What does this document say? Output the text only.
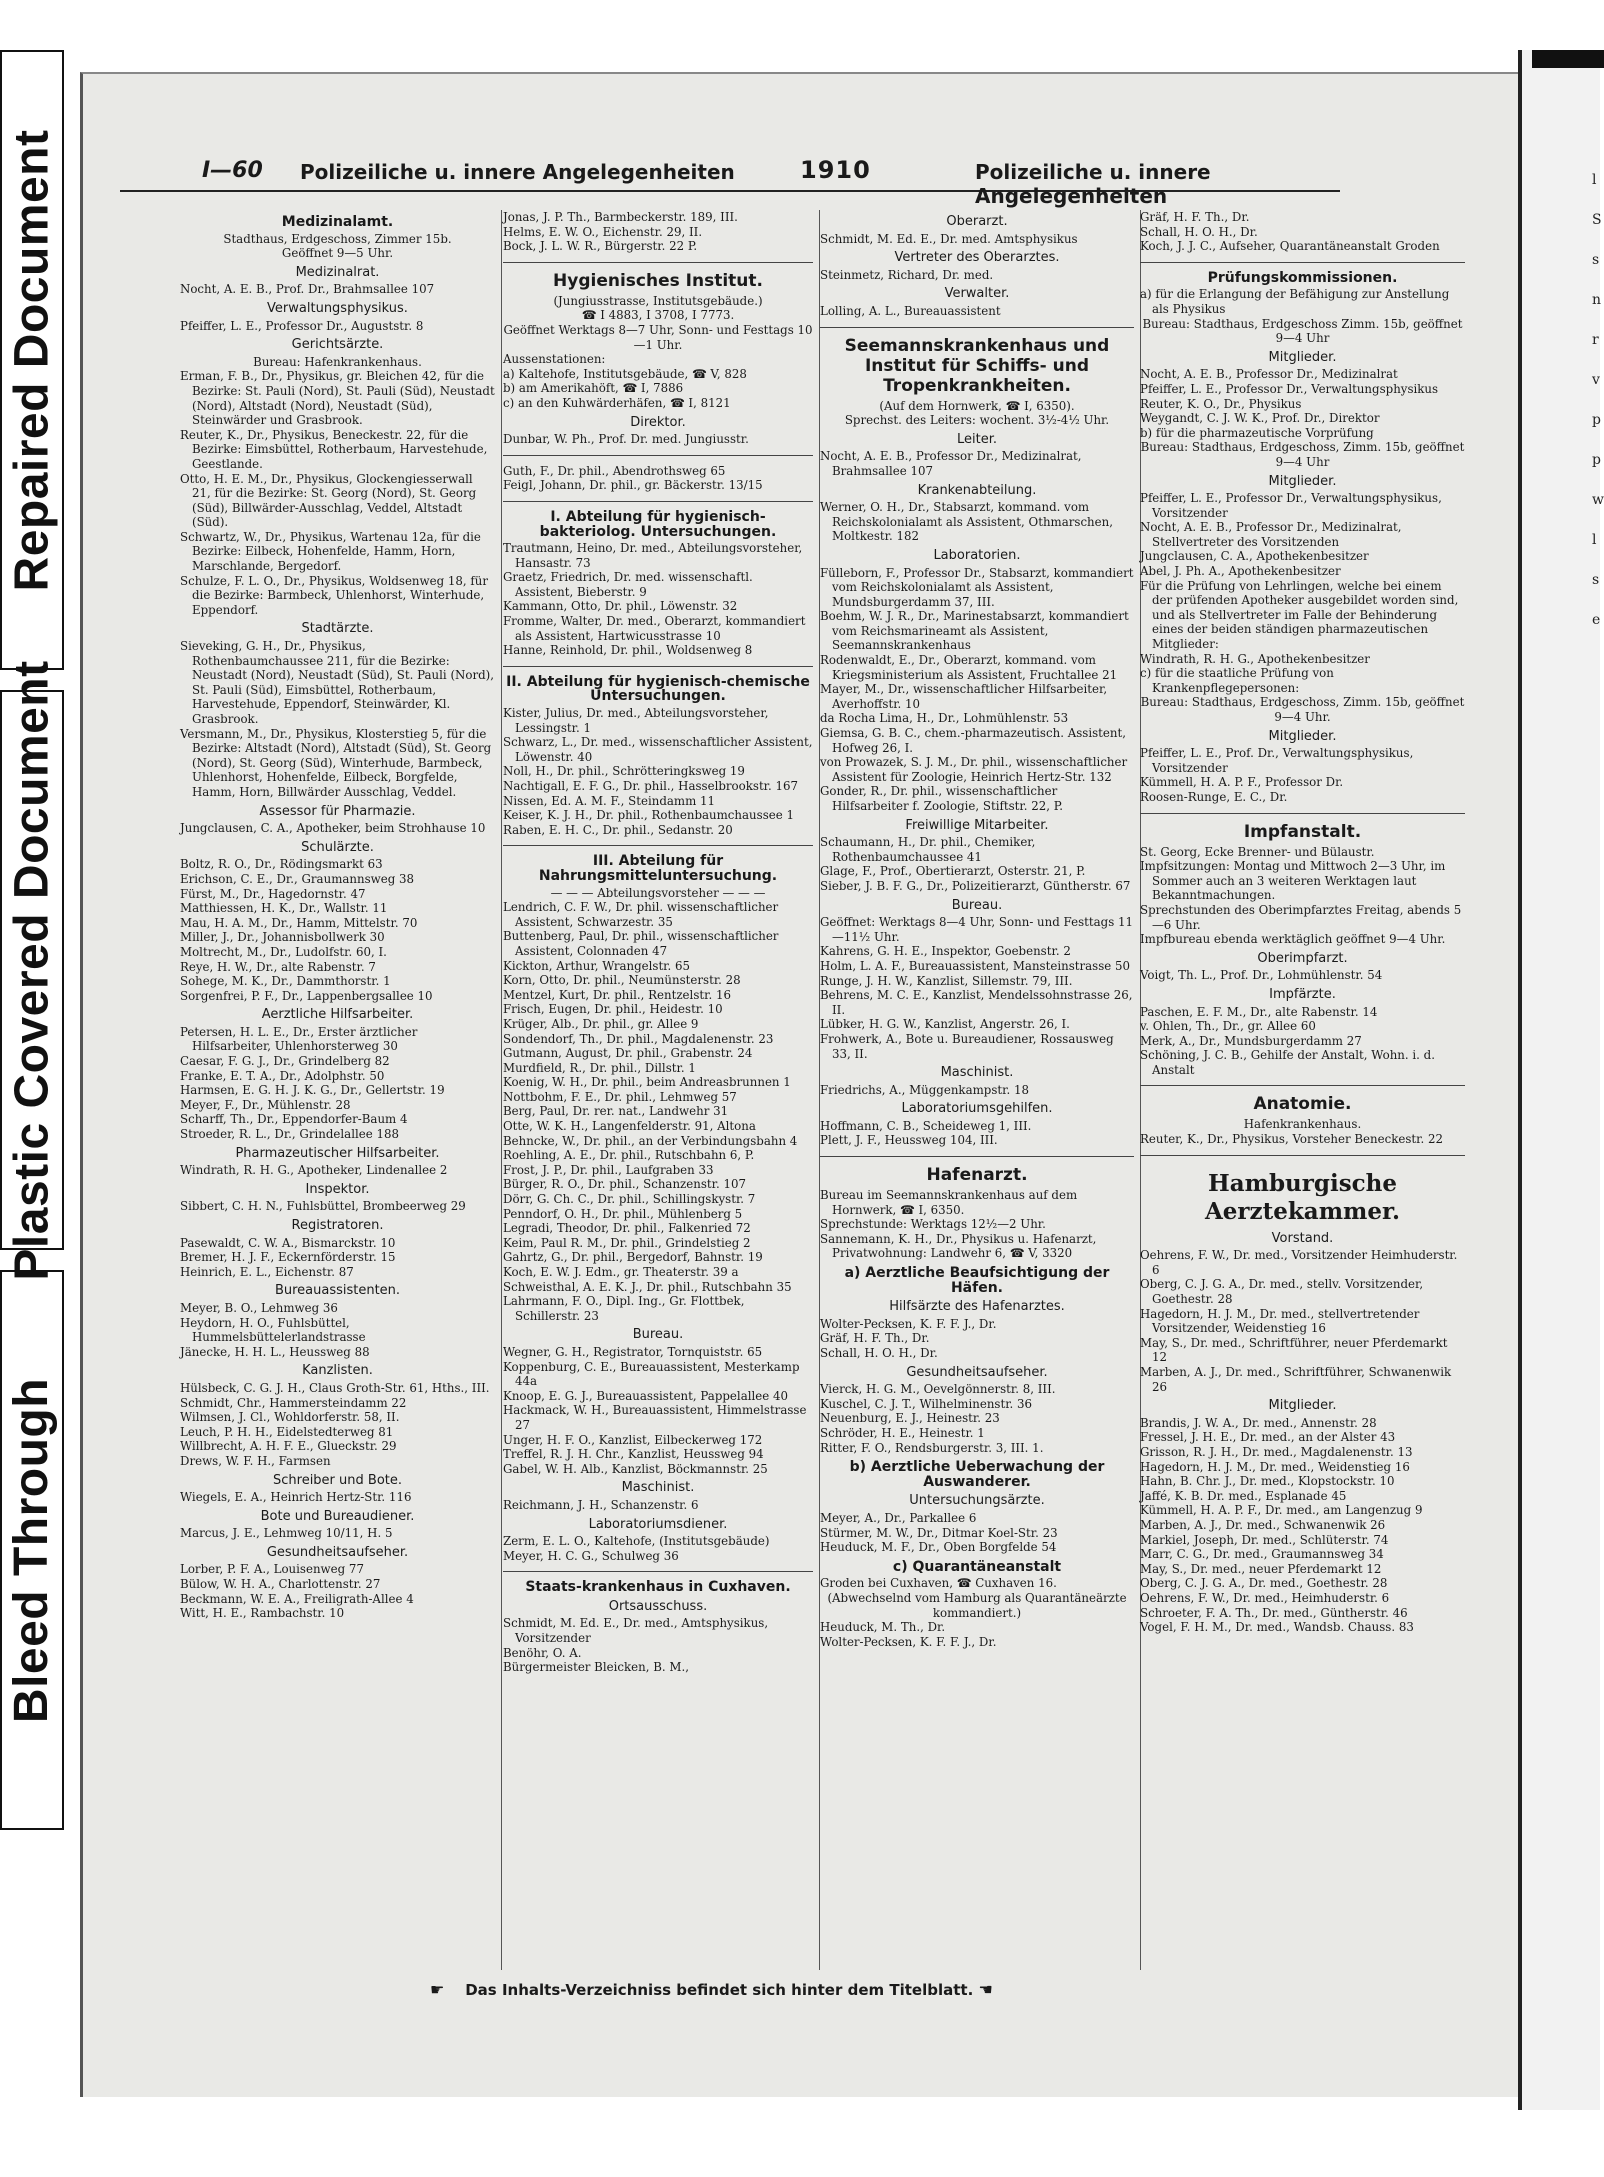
Repaired Document
Plastic Covered Document
Bleed Through
l
S
s
n
r
v
p
p
w
l
s
e
I—60 Polizeiliche u. innere Angelegenheiten	1910	Polizeiliche u. innere Angelegenheiten
Medizinalamt.
Stadthaus, Erdgeschoss, Zimmer 15b.
Geöffnet 9—5 Uhr.
Medizinalrat.
Nocht, A. E. B., Prof. Dr., Brahmsallee 107
Verwaltungsphysikus.
Pfeiffer, L. E., Professor Dr., Auguststr. 8
Gerichtsärzte.
Bureau: Hafenkrankenhaus.
Erman, F. B., Dr., Physikus, gr. Bleichen 42, für die Bezirke: St. Pauli (Nord), St. Pauli (Süd), Neustadt (Nord), Altstadt (Nord), Neustadt (Süd), Steinwärder und Grasbrook.
Reuter, K., Dr., Physikus, Beneckestr. 22, für die Bezirke: Eimsbüttel, Rotherbaum, Harvestehude, Geestlande.
Otto, H. E. M., Dr., Physikus, Glockengiesserwall 21, für die Bezirke: St. Georg (Nord), St. Georg (Süd), Billwärder-Ausschlag, Veddel, Altstadt (Süd).
Schwartz, W., Dr., Physikus, Wartenau 12a, für die Bezirke: Eilbeck, Hohenfelde, Hamm, Horn, Marschlande, Bergedorf.
Schulze, F. L. O., Dr., Physikus, Woldsenweg 18, für die Bezirke: Barmbeck, Uhlenhorst, Winterhude, Eppendorf.
Stadtärzte.
Sieveking, G. H., Dr., Physikus, Rothenbaumchaussee 211, für die Bezirke: Neustadt (Nord), Neustadt (Süd), St. Pauli (Nord), St. Pauli (Süd), Eimsbüttel, Rotherbaum, Harvestehude, Eppendorf, Steinwärder, Kl. Grasbrook.
Versmann, M., Dr., Physikus, Klosterstieg 5, für die Bezirke: Altstadt (Nord), Altstadt (Süd), St. Georg (Nord), St. Georg (Süd), Winterhude, Barmbeck, Uhlenhorst, Hohenfelde, Eilbeck, Borgfelde, Hamm, Horn, Billwärder Ausschlag, Veddel.
Assessor für Pharmazie.
Jungclausen, C. A., Apotheker, beim Strohhause 10
Schulärzte.
Boltz, R. O., Dr., Rödingsmarkt 63
Erichson, C. E., Dr., Graumannsweg 38
Fürst, M., Dr., Hagedornstr. 47
Matthiessen, H. K., Dr., Wallstr. 11
Mau, H. A. M., Dr., Hamm, Mittelstr. 70
Miller, J., Dr., Johannisbollwerk 30
Moltrecht, M., Dr., Ludolfstr. 60, I.
Reye, H. W., Dr., alte Rabenstr. 7
Sohege, M. K., Dr., Dammthorstr. 1
Sorgenfrei, P. F., Dr., Lappenbergsallee 10
Aerztliche Hilfsarbeiter.
Petersen, H. L. E., Dr., Erster ärztlicher Hilfsarbeiter, Uhlenhorsterweg 30
Caesar, F. G. J., Dr., Grindelberg 82
Franke, E. T. A., Dr., Adolphstr. 50
Harmsen, E. G. H. J. K. G., Dr., Gellertstr. 19
Meyer, F., Dr., Mühlenstr. 28
Scharff, Th., Dr., Eppendorfer-Baum 4
Stroeder, R. L., Dr., Grindelallee 188
Pharmazeutischer Hilfsarbeiter.
Windrath, R. H. G., Apotheker, Lindenallee 2
Inspektor.
Sibbert, C. H. N., Fuhlsbüttel, Brombeerweg 29
Registratoren.
Pasewaldt, C. W. A., Bismarckstr. 10
Bremer, H. J. F., Eckernförderstr. 15
Heinrich, E. L., Eichenstr. 87
Bureauassistenten.
Meyer, B. O., Lehmweg 36
Heydorn, H. O., Fuhlsbüttel, Hummelsbüttelerlandstrasse
Jänecke, H. H. L., Heussweg 88
Kanzlisten.
Hülsbeck, C. G. J. H., Claus Groth-Str. 61, Hths., III.
Schmidt, Chr., Hammersteindamm 22
Wilmsen, J. Cl., Wohldorferstr. 58, II.
Leuch, P. H. H., Eidelstedterweg 81
Willbrecht, A. H. F. E., Glueckstr. 29
Drews, W. F. H., Farmsen
Schreiber und Bote.
Wiegels, E. A., Heinrich Hertz-Str. 116
Bote und Bureaudiener.
Marcus, J. E., Lehmweg 10/11, H. 5
Gesundheitsaufseher.
Lorber, P. F. A., Louisenweg 77
Bülow, W. H. A., Charlottenstr. 27
Beckmann, W. E. A., Freiligrath-Allee 4
Witt, H. E., Rambachstr. 10
Jonas, J. P. Th., Barmbeckerstr. 189, III.
Helms, E. W. O., Eichenstr. 29, II.
Bock, J. L. W. R., Bürgerstr. 22 P.
Hygienisches Institut.
(Jungiusstrasse, Institutsgebäude.)
☎ I 4883, I 3708, I 7773.
Geöffnet Werktags 8—7 Uhr, Sonn- und Festtags 10—1 Uhr.
Aussenstationen:
a) Kaltehofe, Institutsgebäude, ☎ V, 828
b) am Amerikahöft, ☎ I, 7886
c) an den Kuhwärderhäfen, ☎ I, 8121
Direktor.
Dunbar, W. Ph., Prof. Dr. med. Jungiusstr.
Guth, F., Dr. phil., Abendrothsweg 65
Feigl, Johann, Dr. phil., gr. Bäckerstr. 13/15
I. Abteilung für hygienisch-bakteriolog. Untersuchungen.
Trautmann, Heino, Dr. med., Abteilungsvorsteher, Hansastr. 73
Graetz, Friedrich, Dr. med. wissenschaftl. Assistent, Bieberstr. 9
Kammann, Otto, Dr. phil., Löwenstr. 32
Fromme, Walter, Dr. med., Oberarzt, kommandiert als Assistent, Hartwicusstrasse 10
Hanne, Reinhold, Dr. phil., Woldsenweg 8
II. Abteilung für hygienisch-chemische Untersuchungen.
Kister, Julius, Dr. med., Abteilungsvorsteher, Lessingstr. 1
Schwarz, L., Dr. med., wissenschaftlicher Assistent, Löwenstr. 40
Noll, H., Dr. phil., Schrötteringksweg 19
Nachtigall, E. F. G., Dr. phil., Hasselbrookstr. 167
Nissen, Ed. A. M. F., Steindamm 11
Keiser, K. J. H., Dr. phil., Rothenbaumchaussee 1
Raben, E. H. C., Dr. phil., Sedanstr. 20
III. Abteilung für Nahrungsmitteluntersuchung.
— — — Abteilungsvorsteher — — —
Lendrich, C. F. W., Dr. phil. wissenschaftlicher Assistent, Schwarzestr. 35
Buttenberg, Paul, Dr. phil., wissenschaftlicher Assistent, Colonnaden 47
Kickton, Arthur, Wrangelstr. 65
Korn, Otto, Dr. phil., Neumünsterstr. 28
Mentzel, Kurt, Dr. phil., Rentzelstr. 16
Frisch, Eugen, Dr. phil., Heidestr. 10
Krüger, Alb., Dr. phil., gr. Allee 9
Sondendorf, Th., Dr. phil., Magdalenenstr. 23
Gutmann, August, Dr. phil., Grabenstr. 24
Murdfield, R., Dr. phil., Dillstr. 1
Koenig, W. H., Dr. phil., beim Andreasbrunnen 1
Nottbohm, F. E., Dr. phil., Lehmweg 57
Berg, Paul, Dr. rer. nat., Landwehr 31
Otte, W. K. H., Langenfelderstr. 91, Altona
Behncke, W., Dr. phil., an der Verbindungsbahn 4
Roehling, A. E., Dr. phil., Rutschbahn 6, P.
Frost, J. P., Dr. phil., Laufgraben 33
Bürger, R. O., Dr. phil., Schanzenstr. 107
Dörr, G. Ch. C., Dr. phil., Schillingskystr. 7
Penndorf, O. H., Dr. phil., Mühlenberg 5
Legradi, Theodor, Dr. phil., Falkenried 72
Keim, Paul R. M., Dr. phil., Grindelstieg 2
Gahrtz, G., Dr. phil., Bergedorf, Bahnstr. 19
Koch, E. W. J. Edm., gr. Theaterstr. 39 a
Schweisthal, A. E. K. J., Dr. phil., Rutschbahn 35
Lahrmann, F. O., Dipl. Ing., Gr. Flottbek, Schillerstr. 23
Bureau.
Wegner, G. H., Registrator, Tornquiststr. 65
Koppenburg, C. E., Bureauassistent, Mesterkamp 44a
Knoop, E. G. J., Bureauassistent, Pappelallee 40
Hackmack, W. H., Bureauassistent, Himmelstrasse 27
Unger, H. F. O., Kanzlist, Eilbeckerweg 172
Treffel, R. J. H. Chr., Kanzlist, Heussweg 94
Gabel, W. H. Alb., Kanzlist, Böckmannstr. 25
Maschinist.
Reichmann, J. H., Schanzenstr. 6
Laboratoriumsdiener.
Zerm, E. L. O., Kaltehofe, (Institutsgebäude)
Meyer, H. C. G., Schulweg 36
Staats-krankenhaus in Cuxhaven.
Ortsausschuss.
Schmidt, M. Ed. E., Dr. med., Amtsphysikus, Vorsitzender
Benöhr, O. A.
Bürgermeister Bleicken, B. M.,
Oberarzt.
Schmidt, M. Ed. E., Dr. med. Amtsphysikus
Vertreter des Oberarztes.
Steinmetz, Richard, Dr. med.
Verwalter.
Lolling, A. L., Bureauassistent
Seemannskrankenhaus und Institut für Schiffs- und Tropenkrankheiten.
(Auf dem Hornwerk, ☎ I, 6350).
Sprechst. des Leiters: wochent. 3½-4½ Uhr.
Leiter.
Nocht, A. E. B., Professor Dr., Medizinalrat, Brahmsallee 107
Krankenabteilung.
Werner, O. H., Dr., Stabsarzt, kommand. vom Reichskolonialamt als Assistent, Othmarschen, Moltkestr. 182
Laboratorien.
Fülleborn, F., Professor Dr., Stabsarzt, kommandiert vom Reichskolonialamt als Assistent, Mundsburgerdamm 37, III.
Boehm, W. J. R., Dr., Marinestabsarzt, kommandiert vom Reichsmarineamt als Assistent, Seemannskrankenhaus
Rodenwaldt, E., Dr., Oberarzt, kommand. vom Kriegsministerium als Assistent, Fruchtallee 21
Mayer, M., Dr., wissenschaftlicher Hilfsarbeiter, Averhoffstr. 10
da Rocha Lima, H., Dr., Lohmühlenstr. 53
Giemsa, G. B. C., chem.-pharmazeutisch. Assistent, Hofweg 26, I.
von Prowazek, S. J. M., Dr. phil., wissenschaftlicher Assistent für Zoologie, Heinrich Hertz-Str. 132
Gonder, R., Dr. phil., wissenschaftlicher Hilfsarbeiter f. Zoologie, Stiftstr. 22, P.
Freiwillige Mitarbeiter.
Schaumann, H., Dr. phil., Chemiker, Rothenbaumchaussee 41
Glage, F., Prof., Obertierarzt, Osterstr. 21, P.
Sieber, J. B. F. G., Dr., Polizeitierarzt, Güntherstr. 67
Bureau.
Geöffnet: Werktags 8—4 Uhr, Sonn- und Festtags 11—11½ Uhr.
Kahrens, G. H. E., Inspektor, Goebenstr. 2
Holm, L. A. F., Bureauassistent, Mansteinstrasse 50
Runge, J. H. W., Kanzlist, Sillemstr. 79, III.
Behrens, M. C. E., Kanzlist, Mendelssohnstrasse 26, II.
Lübker, H. G. W., Kanzlist, Angerstr. 26, I.
Frohwerk, A., Bote u. Bureaudiener, Rossausweg 33, II.
Maschinist.
Friedrichs, A., Müggenkampstr. 18
Laboratoriumsgehilfen.
Hoffmann, C. B., Scheideweg 1, III.
Plett, J. F., Heussweg 104, III.
Hafenarzt.
Bureau im Seemannskrankenhaus auf dem Hornwerk, ☎ I, 6350.
Sprechstunde: Werktags 12½—2 Uhr.
Sannemann, K. H., Dr., Physikus u. Hafenarzt, Privatwohnung: Landwehr 6, ☎ V, 3320
a) Aerztliche Beaufsichtigung der Häfen.
Hilfsärzte des Hafenarztes.
Wolter-Pecksen, K. F. F. J., Dr.
Gräf, H. F. Th., Dr.
Schall, H. O. H., Dr.
Gesundheitsaufseher.
Vierck, H. G. M., Oevelgönnerstr. 8, III.
Kuschel, C. J. T., Wilhelminenstr. 36
Neuenburg, E. J., Heinestr. 23
Schröder, H. E., Heinestr. 1
Ritter, F. O., Rendsburgerstr. 3, III. 1.
b) Aerztliche Ueberwachung der Auswanderer.
Untersuchungsärzte.
Meyer, A., Dr., Parkallee 6
Stürmer, M. W., Dr., Ditmar Koel-Str. 23
Heuduck, M. F., Dr., Oben Borgfelde 54
c) Quarantäneanstalt
Groden bei Cuxhaven, ☎ Cuxhaven 16.
(Abwechselnd vom Hamburg als Quarantäneärzte kommandiert.)
Heuduck, M. Th., Dr.
Wolter-Pecksen, K. F. F. J., Dr.
Gräf, H. F. Th., Dr.
Schall, H. O. H., Dr.
Koch, J. J. C., Aufseher, Quarantäneanstalt Groden
Prüfungskommissionen.
a) für die Erlangung der Befähigung zur Anstellung als Physikus
Bureau: Stadthaus, Erdgeschoss Zimm. 15b, geöffnet 9—4 Uhr
Mitglieder.
Nocht, A. E. B., Professor Dr., Medizinalrat
Pfeiffer, L. E., Professor Dr., Verwaltungsphysikus
Reuter, K. O., Dr., Physikus
Weygandt, C. J. W. K., Prof. Dr., Direktor
b) für die pharmazeutische Vorprüfung
Bureau: Stadthaus, Erdgeschoss, Zimm. 15b, geöffnet 9—4 Uhr
Mitglieder.
Pfeiffer, L. E., Professor Dr., Verwaltungsphysikus, Vorsitzender
Nocht, A. E. B., Professor Dr., Medizinalrat, Stellvertreter des Vorsitzenden
Jungclausen, C. A., Apothekenbesitzer
Abel, J. Ph. A., Apothekenbesitzer
Für die Prüfung von Lehrlingen, welche bei einem der prüfenden Apotheker ausgebildet worden sind, und als Stellvertreter im Falle der Behinderung eines der beiden ständigen pharmazeutischen Mitglieder:
Windrath, R. H. G., Apothekenbesitzer
c) für die staatliche Prüfung von Krankenpflegepersonen:
Bureau: Stadthaus, Erdgeschoss, Zimm. 15b, geöffnet 9—4 Uhr.
Mitglieder.
Pfeiffer, L. E., Prof. Dr., Verwaltungsphysikus, Vorsitzender
Kümmell, H. A. P. F., Professor Dr.
Roosen-Runge, E. C., Dr.
Impfanstalt.
St. Georg, Ecke Brenner- und Bülaustr.
Impfsitzungen: Montag und Mittwoch 2—3 Uhr, im Sommer auch an 3 weiteren Werktagen laut Bekanntmachungen.
Sprechstunden des Oberimpfarztes Freitag, abends 5—6 Uhr.
Impfbureau ebenda werktäglich geöffnet 9—4 Uhr.
Oberimpfarzt.
Voigt, Th. L., Prof. Dr., Lohmühlenstr. 54
Impfärzte.
Paschen, E. F. M., Dr., alte Rabenstr. 14
v. Ohlen, Th., Dr., gr. Allee 60
Merk, A., Dr., Mundsburgerdamm 27
Schöning, J. C. B., Gehilfe der Anstalt, Wohn. i. d. Anstalt
Anatomie.
Hafenkrankenhaus.
Reuter, K., Dr., Physikus, Vorsteher Beneckestr. 22
Hamburgische Aerztekammer.
Vorstand.
Oehrens, F. W., Dr. med., Vorsitzender Heimhuderstr. 6
Oberg, C. J. G. A., Dr. med., stellv. Vorsitzender, Goethestr. 28
Hagedorn, H. J. M., Dr. med., stellvertretender Vorsitzender, Weidenstieg 16
May, S., Dr. med., Schriftführer, neuer Pferdemarkt 12
Marben, A. J., Dr. med., Schriftführer, Schwanenwik 26
Mitglieder.
Brandis, J. W. A., Dr. med., Annenstr. 28
Fressel, J. H. E., Dr. med., an der Alster 43
Grisson, R. J. H., Dr. med., Magdalenenstr. 13
Hagedorn, H. J. M., Dr. med., Weidenstieg 16
Hahn, B. Chr. J., Dr. med., Klopstockstr. 10
Jaffé, K. B. Dr. med., Esplanade 45
Kümmell, H. A. P. F., Dr. med., am Langenzug 9
Marben, A. J., Dr. med., Schwanenwik 26
Markiel, Joseph, Dr. med., Schlüterstr. 74
Marr, C. G., Dr. med., Graumannsweg 34
May, S., Dr. med., neuer Pferdemarkt 12
Oberg, C. J. G. A., Dr. med., Goethestr. 28
Oehrens, F. W., Dr. med., Heimhuderstr. 6
Schroeter, F. A. Th., Dr. med., Güntherstr. 46
Vogel, F. H. M., Dr. med., Wandsb. Chauss. 83
☛ Das Inhalts-Verzeichniss befindet sich hinter dem Titelblatt. ☚
